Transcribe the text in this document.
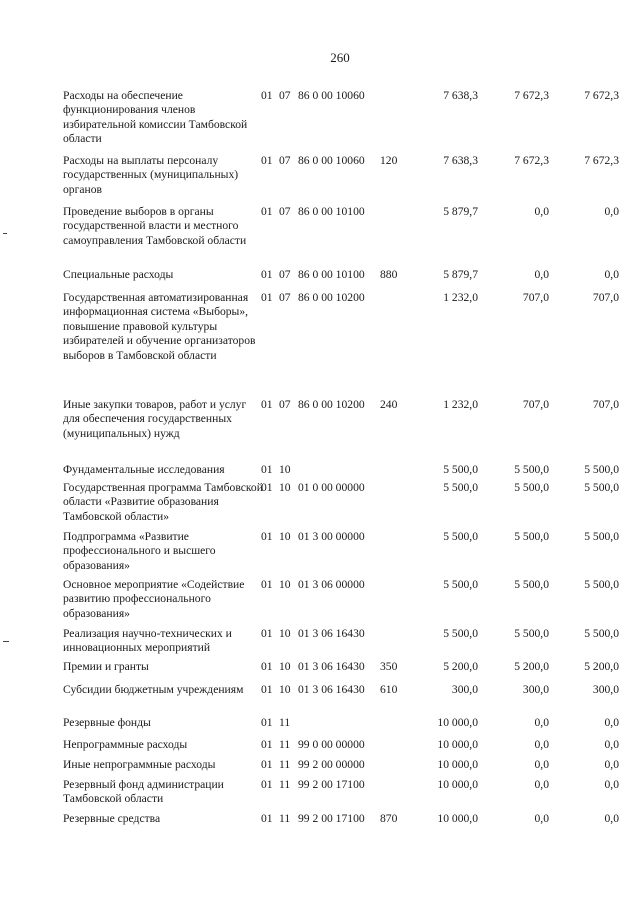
260
Расходы на обеспечение функционирования членов избирательной комиссии Тамбовской области
01 07 86 0 00 10060	7 638,3	7 672,3	7 672,3
Расходы на выплаты персоналу государственных (муниципальных) органов
01 07 86 0 00 10060 120	7 638,3	7 672,3	7 672,3
Проведение выборов в органы государственной власти и местного самоуправления Тамбовской области
01 07 86 0 00 10100	5 879,7	0,0	0,0
Специальные расходы	01 07 86 0 00 10100 880	5 879,7	0,0	0,0
Государственная автоматизированная информационная система «Выборы», повышение правовой культуры избирателей и обучение организаторов выборов в Тамбовской области
01 07 86 0 00 10200	1 232,0	707,0	707,0
Иные закупки товаров, работ и услуг для обеспечения государственных (муниципальных) нужд
01 07 86 0 00 10200 240	1 232,0	707,0	707,0
Фундаментальные исследования	01 10	5 500,0	5 500,0	5 500,0
Государственная программа Тамбовской области «Развитие образования Тамбовской области»
01 10 01 0 00 00000	5 500,0	5 500,0	5 500,0
Подпрограмма «Развитие профессионального и высшего образования»
01 10 01 3 00 00000	5 500,0	5 500,0	5 500,0
Основное мероприятие «Содействие развитию профессионального образования»
01 10 01 3 06 00000	5 500,0	5 500,0	5 500,0
Реализация научно-технических и инновационных мероприятий
01 10 01 3 06 16430	5 500,0	5 500,0	5 500,0
Премии и гранты	01 10 01 3 06 16430 350	5 200,0	5 200,0	5 200,0
Субсидии бюджетным учреждениям	01 10 01 3 06 16430 610	300,0	300,0	300,0
Резервные фонды	01 11	10 000,0	0,0	0,0
Непрограммные расходы	01 11 99 0 00 00000	10 000,0	0,0	0,0
Иные непрограммные расходы	01 11 99 2 00 00000	10 000,0	0,0	0,0
Резервный фонд администрации Тамбовской области
01 11 99 2 00 17100	10 000,0	0,0	0,0
Резервные средства	01 11 99 2 00 17100 870	10 000,0	0,0	0,0
